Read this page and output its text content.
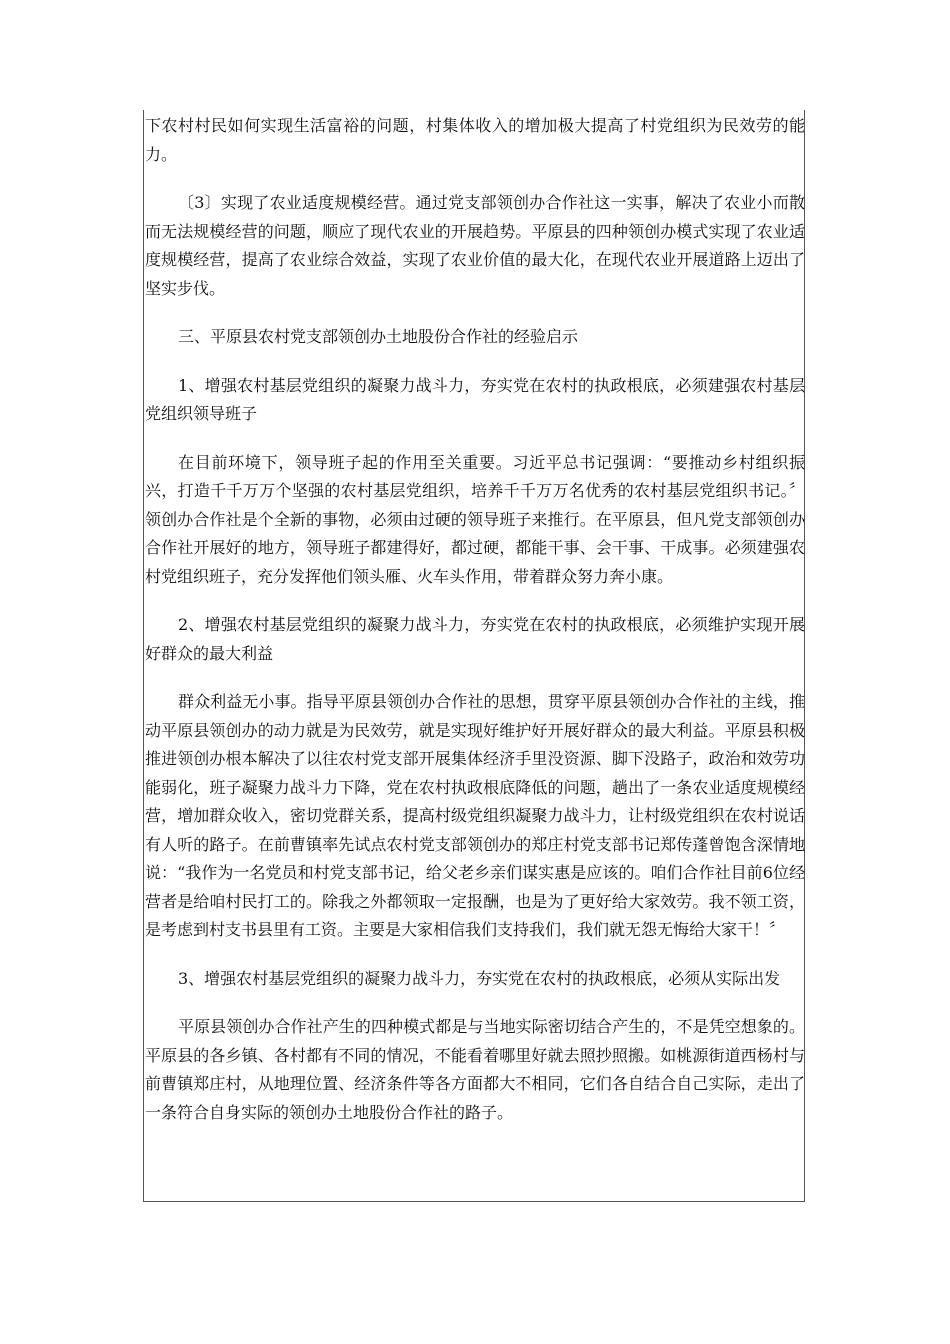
下农村村民如何实现生活富裕的问题，村集体收入的增加极大提高了村党组织为民效劳的能力。

〔3〕实现了农业适度规模经营。通过党支部领创办合作社这一实事，解决了农业小而散而无法规模经营的问题，顺应了现代农业的开展趋势。平原县的四种领创办模式实现了农业适度规模经营，提高了农业综合效益，实现了农业价值的最大化，在现代农业开展道路上迈出了坚实步伐。

三、平原县农村党支部领创办土地股份合作社的经验启示

1、增强农村基层党组织的凝聚力战斗力，夯实党在农村的执政根底，必须建强农村基层党组织领导班子

在目前环境下，领导班子起的作用至关重要。习近平总书记强调：“要推动乡村组织振兴，打造千千万万个坚强的农村基层党组织，培养千千万万名优秀的农村基层党组织书记。〞领创办合作社是个全新的事物，必须由过硬的领导班子来推行。在平原县，但凡党支部领创办合作社开展好的地方，领导班子都建得好，都过硬，都能干事、会干事、干成事。必须建强农村党组织班子，充分发挥他们领头雁、火车头作用，带着群众努力奔小康。

2、增强农村基层党组织的凝聚力战斗力，夯实党在农村的执政根底，必须维护实现开展好群众的最大利益

群众利益无小事。指导平原县领创办合作社的思想，贯穿平原县领创办合作社的主线，推动平原县领创办的动力就是为民效劳，就是实现好维护好开展好群众的最大利益。平原县积极推进领创办根本解决了以往农村党支部开展集体经济手里没资源、脚下没路子，政治和效劳功能弱化，班子凝聚力战斗力下降，党在农村执政根底降低的问题，趟出了一条农业适度规模经营，增加群众收入，密切党群关系，提高村级党组织凝聚力战斗力，让村级党组织在农村说话有人听的路子。在前曹镇率先试点农村党支部领创办的郑庄村党支部书记郑传蓬曾饱含深情地说：“我作为一名党员和村党支部书记，给父老乡亲们谋实惠是应该的。咱们合作社目前6位经营者是给咱村民打工的。除我之外都领取一定报酬，也是为了更好给大家效劳。我不领工资，是考虑到村支书县里有工资。主要是大家相信我们支持我们，我们就无怨无悔给大家干！〞

3、增强农村基层党组织的凝聚力战斗力，夯实党在农村的执政根底，必须从实际出发

平原县领创办合作社产生的四种模式都是与当地实际密切结合产生的，不是凭空想象的。平原县的各乡镇、各村都有不同的情况，不能看着哪里好就去照抄照搬。如桃源街道西杨村与前曹镇郑庄村，从地理位置、经济条件等各方面都大不相同，它们各自结合自己实际，走出了一条符合自身实际的领创办土地股份合作社的路子。
